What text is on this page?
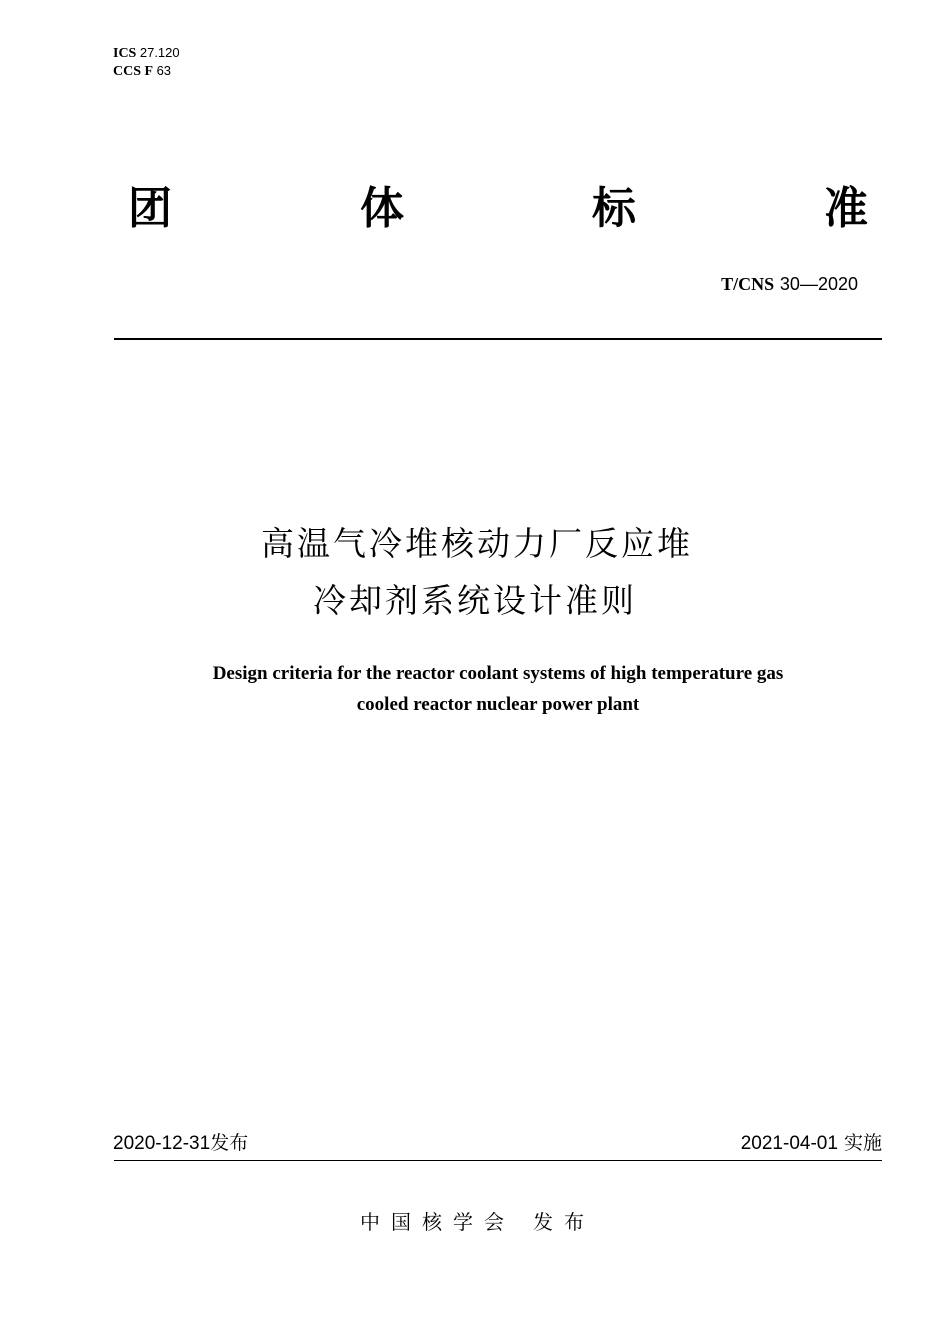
ICS 27.120
CCS F 63
团	体	标	准
T/CNS 30—2020
高温气冷堆核动力厂反应堆
冷却剂系统设计准则
Design criteria for the reactor coolant systems of high temperature gas
cooled reactor nuclear power plant
2020-12-31发布	2021-04-01 实施
中国核学会 发布
